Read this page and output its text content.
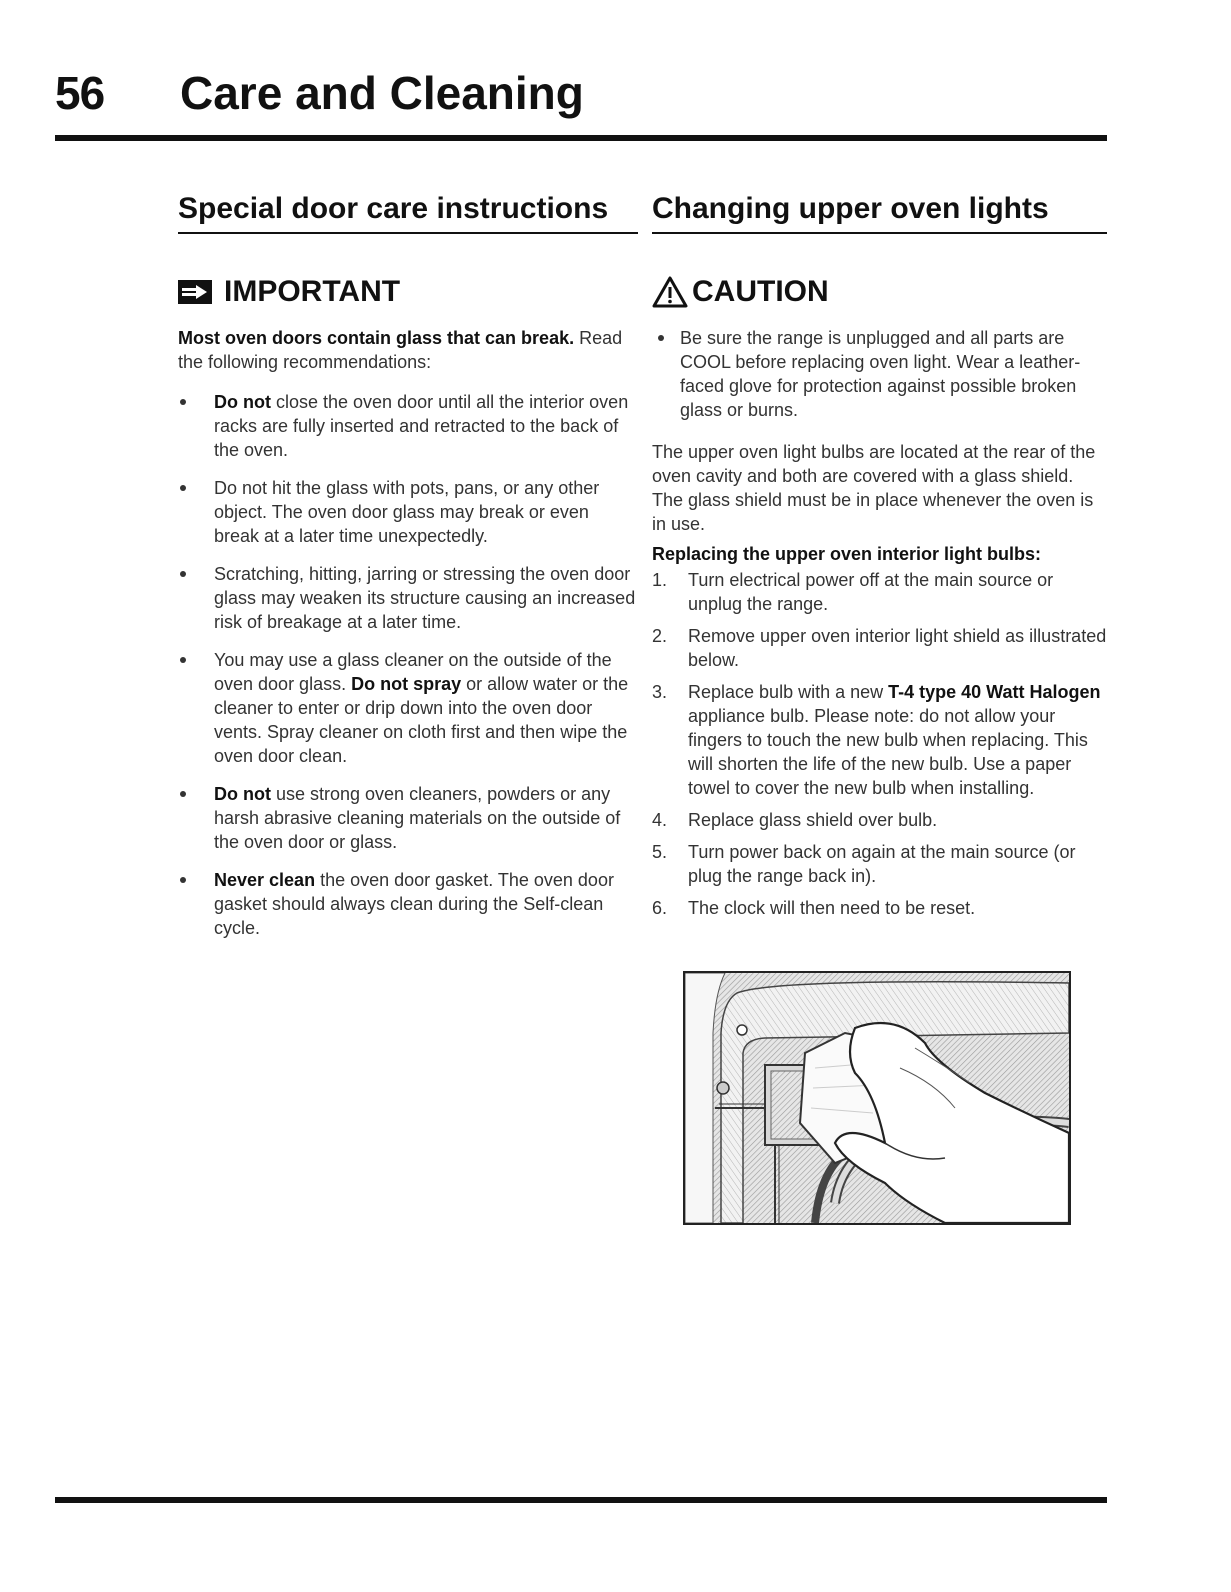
56 Care and Cleaning
Special door care instructions
IMPORTANT
Most oven doors contain glass that can break. Read the following recommendations:
Do not close the oven door until all the interior oven racks are fully inserted and retracted to the back of the oven.
Do not hit the glass with pots, pans, or any other object. The oven door glass may break or even break at a later time unexpectedly.
Scratching, hitting, jarring or stressing the oven door glass may weaken its structure causing an increased risk of breakage at a later time.
You may use a glass cleaner on the outside of the oven door glass. Do not spray or allow water or the cleaner to enter or drip down into the oven door vents. Spray cleaner on cloth first and then wipe the oven door clean.
Do not use strong oven cleaners, powders or any harsh abrasive cleaning materials on the outside of the oven door or glass.
Never clean the oven door gasket. The oven door gasket should always clean during the Self-clean cycle.
Changing upper oven lights
CAUTION
Be sure the range is unplugged and all parts are COOL before replacing oven light. Wear a leather-faced glove for protection against possible broken glass or burns.
The upper oven light bulbs are located at the rear of the oven cavity and both are covered with a glass shield. The glass shield must be in place whenever the oven is in use.
Replacing the upper oven interior light bulbs:
1. Turn electrical power off at the main source or unplug the range.
2. Remove upper oven interior light shield as illustrated below.
3. Replace bulb with a new T-4 type 40 Watt Halogen appliance bulb. Please note: do not allow your fingers to touch the new bulb when replacing. This will shorten the life of the new bulb. Use a paper towel to cover the new bulb when installing.
4. Replace glass shield over bulb.
5. Turn power back on again at the main source (or plug the range back in).
6. The clock will then need to be reset.
